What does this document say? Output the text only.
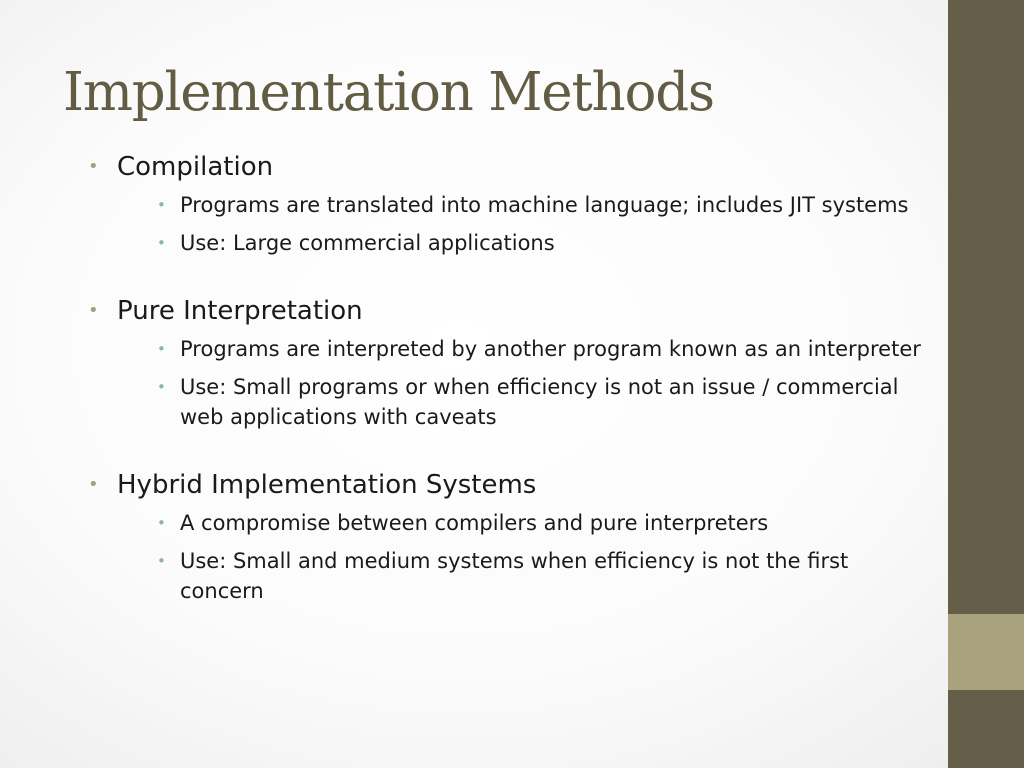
Implementation Methods
• Compilation
• Programs are translated into machine language; includes JIT systems
• Use: Large commercial applications
• Pure Interpretation
• Programs are interpreted by another program known as an interpreter
• Use: Small programs or when efficiency is not an issue / commercial web applications with caveats
• Hybrid Implementation Systems
• A compromise between compilers and pure interpreters
• Use: Small and medium systems when efficiency is not the first concern
